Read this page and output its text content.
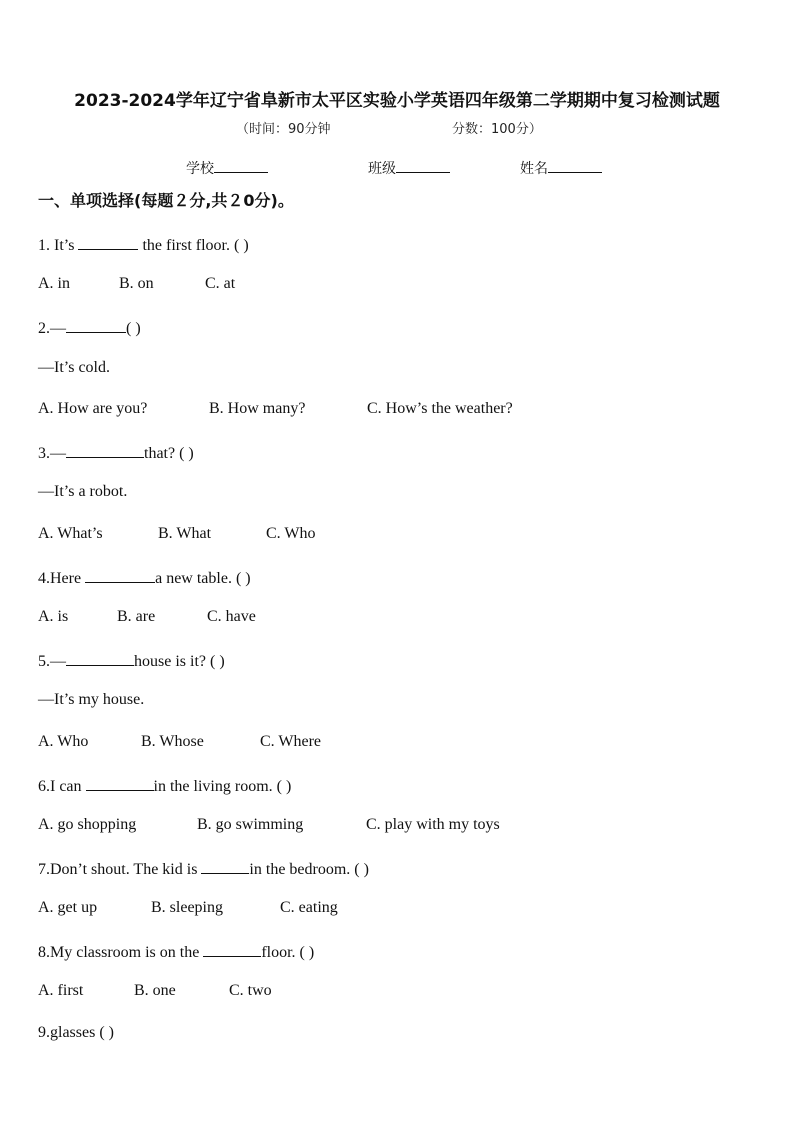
2023-2024学年辽宁省阜新市太平区实验小学英语四年级第二学期期中复习检测试题
（时间：90分钟	分数：100分）
学校	班级	姓名
一、单项选择(每题２分,共２0分)。
1. It’s	the first floor. ( )
A. in	B. on	C. at
2.—	( )
—It’s cold.
A. How are you?	B. How many?	C. How’s the weather?
3.—	that? ( )
—It’s a robot.
A. What’s	B. What	C. Who
4.Here	a new table. ( )
A. is	B. are	C. have
5.—	house is it? ( )
—It’s my house.
A. Who	B. Whose	C. Where
6.I can	in the living room. ( )
A. go shopping	B. go swimming	C. play with my toys
7.Don’t shout. The kid is	in the bedroom. ( )
A. get up	B. sleeping	C. eating
8.My classroom is on the	floor. ( )
A. first	B. one	C. two
9.glasses ( )
